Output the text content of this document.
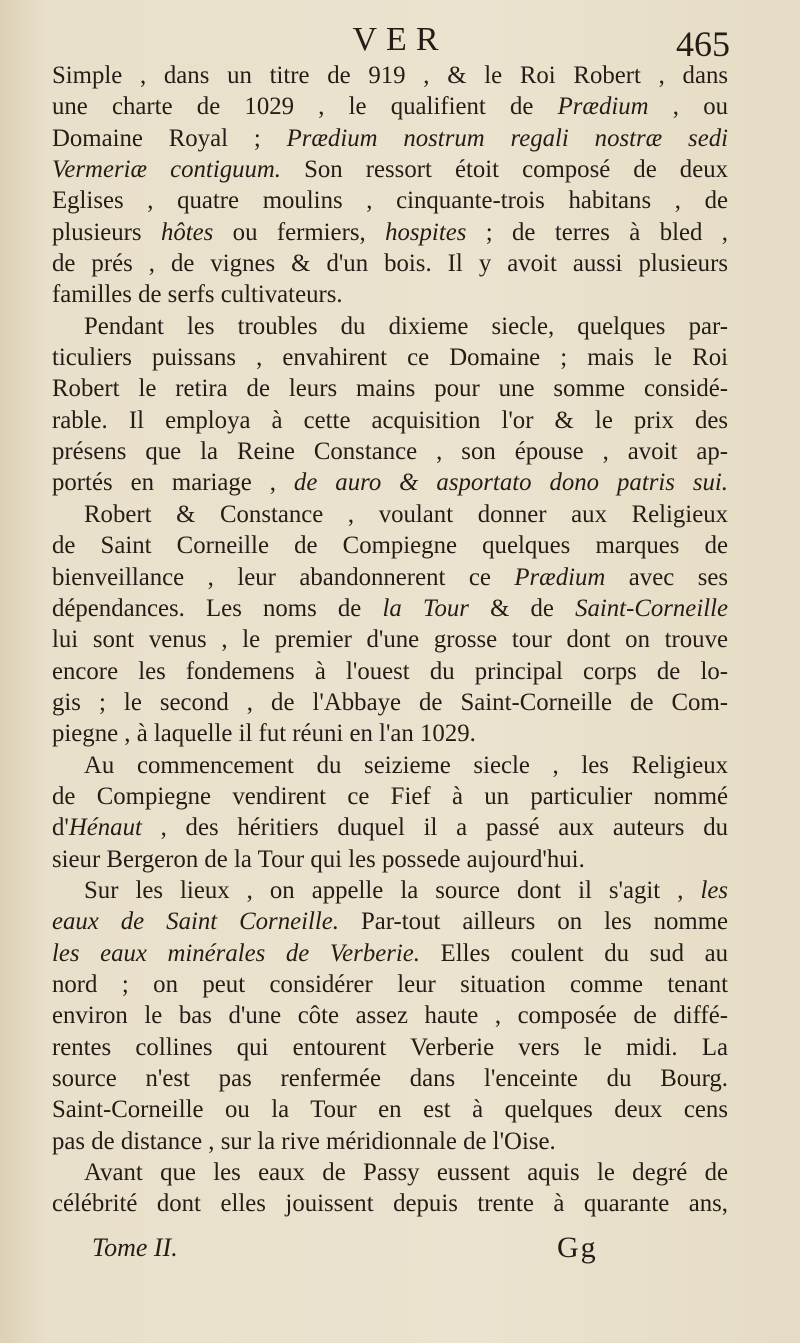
VER	465
Simple , dans un titre de 919 , & le Roi Robert , dans
une charte de 1029 , le qualifient de Prædium , ou
Domaine Royal ; Prædium nostrum regali nostræ sedi
Vermeriæ contiguum. Son ressort étoit composé de deux
Eglises , quatre moulins , cinquante-trois habitans , de
plusieurs hôtes ou fermiers, hospites ; de terres à bled ,
de prés , de vignes & d'un bois. Il y avoit aussi plusieurs
familles de serfs cultivateurs.
Pendant les troubles du dixieme siecle, quelques par-
ticuliers puissans , envahirent ce Domaine ; mais le Roi
Robert le retira de leurs mains pour une somme considé-
rable. Il employa à cette acquisition l'or & le prix des
présens que la Reine Constance , son épouse , avoit ap-
portés en mariage , de auro & asportato dono patris sui.
Robert & Constance , voulant donner aux Religieux
de Saint Corneille de Compiegne quelques marques de
bienveillance , leur abandonnerent ce Prædium avec ses
dépendances. Les noms de la Tour & de Saint-Corneille
lui sont venus , le premier d'une grosse tour dont on trouve
encore les fondemens à l'ouest du principal corps de lo-
gis ; le second , de l'Abbaye de Saint-Corneille de Com-
piegne , à laquelle il fut réuni en l'an 1029.
Au commencement du seizieme siecle , les Religieux
de Compiegne vendirent ce Fief à un particulier nommé
d'Hénaut , des héritiers duquel il a passé aux auteurs du
sieur Bergeron de la Tour qui les possede aujourd'hui.
Sur les lieux , on appelle la source dont il s'agit , les
eaux de Saint Corneille. Par-tout ailleurs on les nomme
les eaux minérales de Verberie. Elles coulent du sud au
nord ; on peut considérer leur situation comme tenant
environ le bas d'une côte assez haute , composée de diffé-
rentes collines qui entourent Verberie vers le midi. La
source n'est pas renfermée dans l'enceinte du Bourg.
Saint-Corneille ou la Tour en est à quelques deux cens
pas de distance , sur la rive méridionnale de l'Oise.
Avant que les eaux de Passy eussent aquis le degré de
célébrité dont elles jouissent depuis trente à quarante ans,
Tome II.	Gg
